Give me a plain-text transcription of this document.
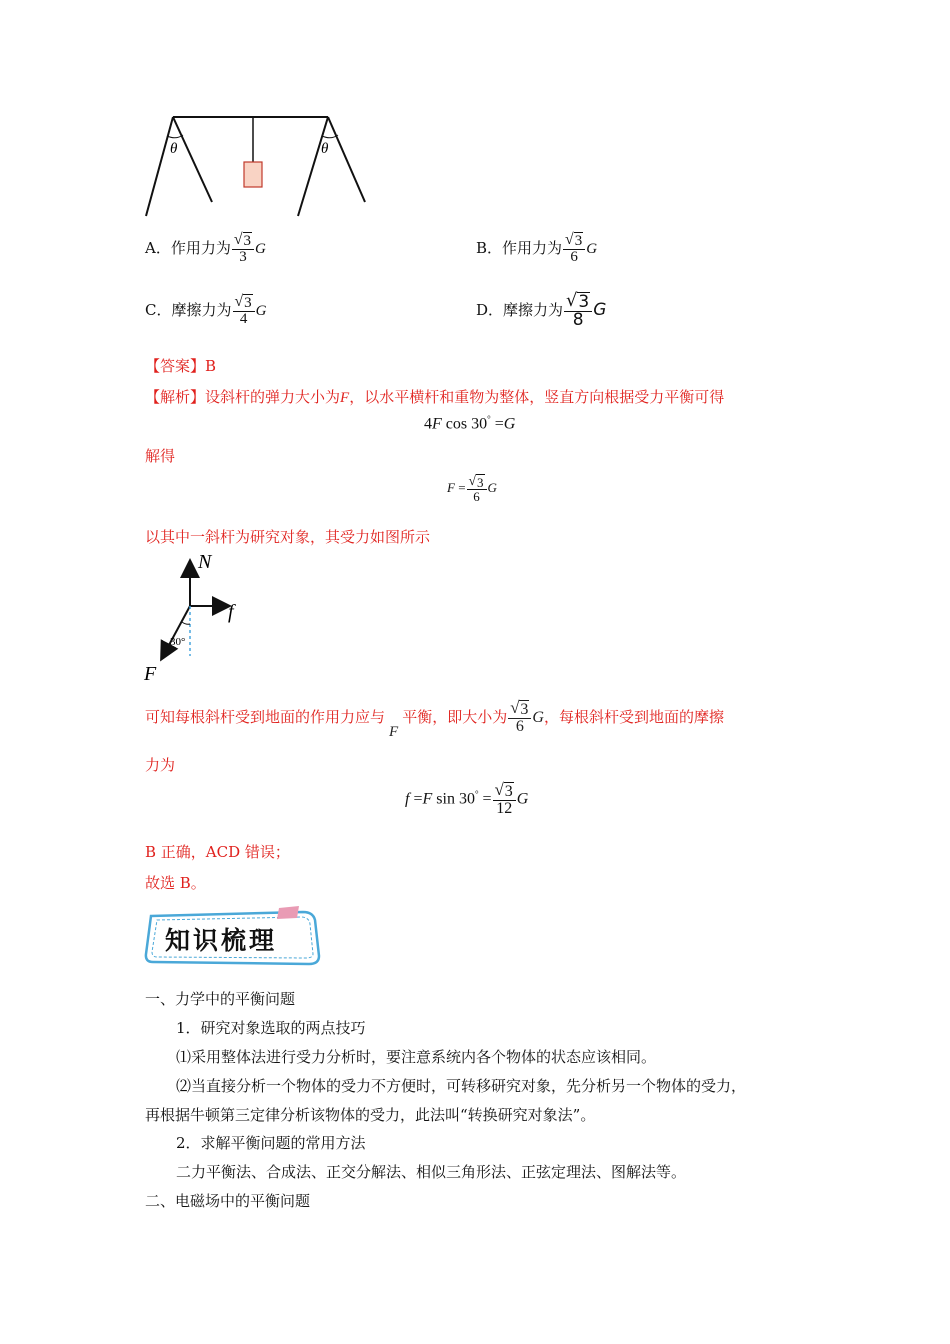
θ	θ
A．作用力为 $\frac{√ 3}{3}$ G	B．作用力为 $\frac{√ 3}{6}$ G
C．摩擦力为 $\frac{√ 3}{4}$ G	D．摩擦力为 $\frac{√ 3}{8}$ G
【答案】B
【解析】设斜杆的弹力大小为F，以水平横杆和重物为整体，竖直方向根据受力平衡可得
4F cos 30° =G
解得
$F = \frac{√ 3}{6}$ G
以其中一斜杆为研究对象，其受力如图所示
N
f
F
30°
可知每根斜杆受到地面的作用力应与F平衡，即大小为 $\frac{√ 3}{6}$ G，每根斜杆受到地面的摩擦
力为
f =F $\sin 30^\circ = \frac{√ 3}{12}$ G
B 正确，ACD 错误；
故选 B。
知识梳理
一、力学中的平衡问题
1．研究对象选取的两点技巧
⑴采用整体法进行受力分析时，要注意系统内各个物体的状态应该相同。
⑵当直接分析一个物体的受力不方便时，可转移研究对象，先分析另一个物体的受力，
再根据牛顿第三定律分析该物体的受力，此法叫“转换研究对象法”。
2．求解平衡问题的常用方法
二力平衡法、合成法、正交分解法、相似三角形法、正弦定理法、图解法等。
二、电磁场中的平衡问题
